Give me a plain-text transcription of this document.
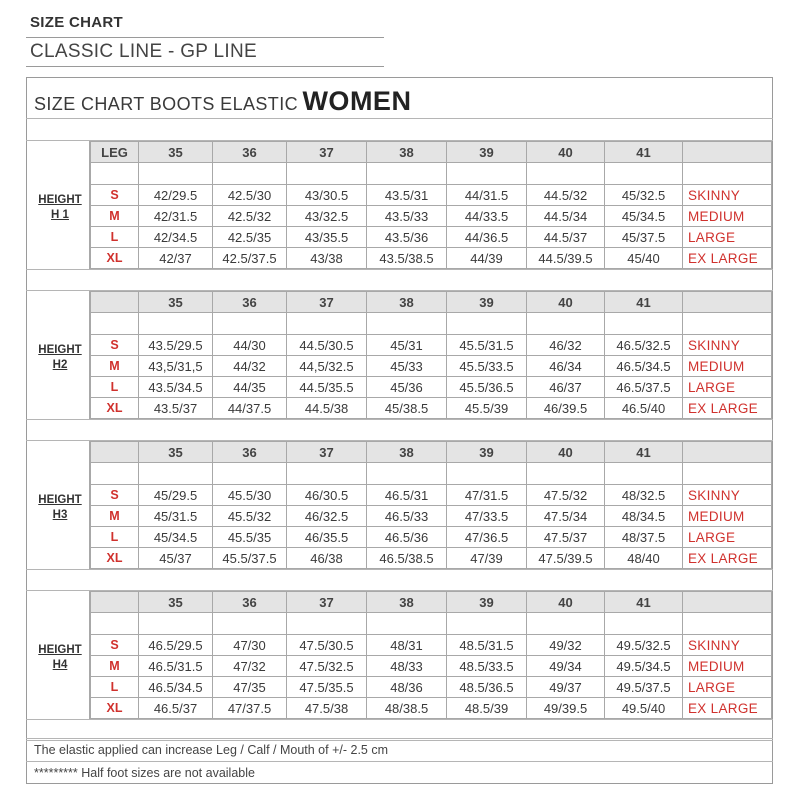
SIZE CHART
CLASSIC LINE - GP LINE
SIZE CHART BOOTS ELASTIC WOMEN
HEIGHT
H 1
LEG	35	36	37	38	39	40	41	

S	42/29.5	42.5/30	43/30.5	43.5/31	44/31.5	44.5/32	45/32.5	SKINNY
M	42/31.5	42.5/32	43/32.5	43.5/33	44/33.5	44.5/34	45/34.5	MEDIUM
L	42/34.5	42.5/35	43/35.5	43.5/36	44/36.5	44.5/37	45/37.5	LARGE
XL	42/37	42.5/37.5	43/38	43.5/38.5	44/39	44.5/39.5	45/40	EX LARGE
HEIGHT
H2
	35	36	37	38	39	40	41	

S	43.5/29.5	44/30	44.5/30.5	45/31	45.5/31.5	46/32	46.5/32.5	SKINNY
M	43,5/31,5	44/32	44,5/32.5	45/33	45.5/33.5	46/34	46.5/34.5	MEDIUM
L	43.5/34.5	44/35	44.5/35.5	45/36	45.5/36.5	46/37	46.5/37.5	LARGE
XL	43.5/37	44/37.5	44.5/38	45/38.5	45.5/39	46/39.5	46.5/40	EX LARGE
HEIGHT
H3
	35	36	37	38	39	40	41	

S	45/29.5	45.5/30	46/30.5	46.5/31	47/31.5	47.5/32	48/32.5	SKINNY
M	45/31.5	45.5/32	46/32.5	46.5/33	47/33.5	47.5/34	48/34.5	MEDIUM
L	45/34.5	45.5/35	46/35.5	46.5/36	47/36.5	47.5/37	48/37.5	LARGE
XL	45/37	45.5/37.5	46/38	46.5/38.5	47/39	47.5/39.5	48/40	EX LARGE
HEIGHT
H4
	35	36	37	38	39	40	41	

S	46.5/29.5	47/30	47.5/30.5	48/31	48.5/31.5	49/32	49.5/32.5	SKINNY
M	46.5/31.5	47/32	47.5/32.5	48/33	48.5/33.5	49/34	49.5/34.5	MEDIUM
L	46.5/34.5	47/35	47.5/35.5	48/36	48.5/36.5	49/37	49.5/37.5	LARGE
XL	46.5/37	47/37.5	47.5/38	48/38.5	48.5/39	49/39.5	49.5/40	EX LARGE
The elastic applied can increase Leg / Calf / Mouth of +/- 2.5 cm
********* Half foot sizes are not available
